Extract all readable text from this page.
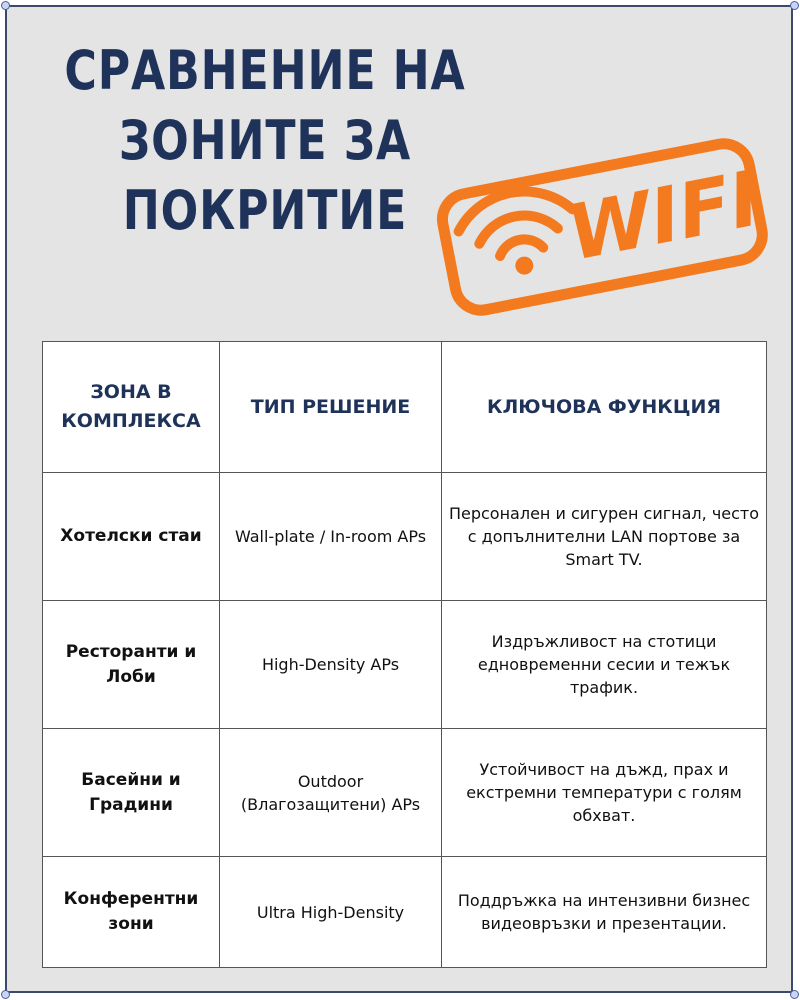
СРАВНЕНИЕ НА
ЗОНИТЕ ЗА
ПОКРИТИЕ	WIFI
ЗОНА В КОМПЛЕКСА	ТИП РЕШЕНИЕ	КЛЮЧОВА ФУНКЦИЯ
Хотелски стаи	Wall-plate / In-room APs	Персонален и сигурен сигнал, често с допълнителни LAN портове за Smart TV.
Ресторанти и Лоби	High-Density APs	Издръжливост на стотици едновременни сесии и тежък трафик.
Басейни и Градини	Outdoor (Влагозащитени) APs	Устойчивост на дъжд, прах и екстремни температури с голям обхват.
Конферентни зони	Ultra High-Density	Поддръжка на интензивни бизнес видеовръзки и презентации.
